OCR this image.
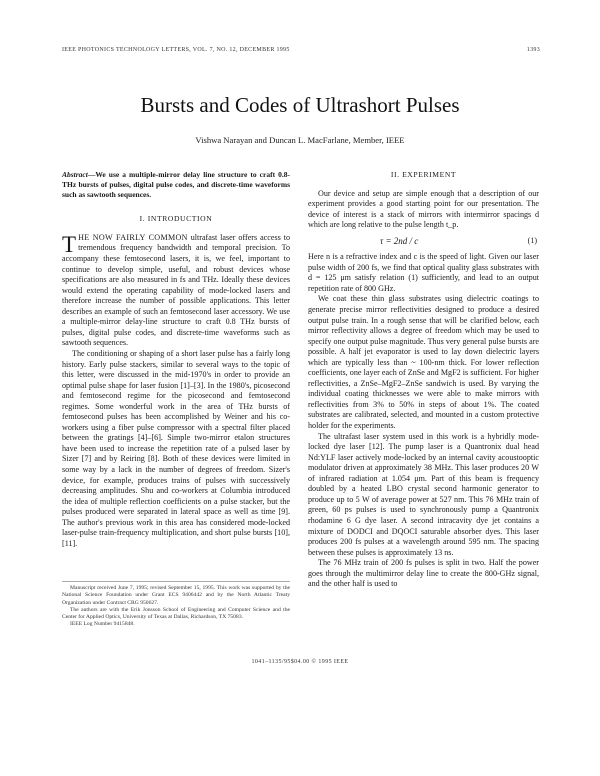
IEEE PHOTONICS TECHNOLOGY LETTERS, VOL. 7, NO. 12, DECEMBER 1995	1393
Bursts and Codes of Ultrashort Pulses
Vishwa Narayan and Duncan L. MacFarlane, Member, IEEE

Abstract—We use a multiple-mirror delay line structure to craft 0.8-THz bursts of pulses, digital pulse codes, and discrete-time waveforms such as sawtooth sequences.

I. INTRODUCTION

THE NOW FAIRLY COMMON ultrafast laser offers access to tremendous frequency bandwidth and temporal precision. To accompany these femtosecond lasers, it is, we feel, important to continue to develop simple, useful, and robust devices whose specifications are also measured in fs and THz. Ideally these devices would extend the operating capability of mode-locked lasers and therefore increase the number of possible applications. This letter describes an example of such an femtosecond laser accessory. We use a multiple-mirror delay-line structure to craft 0.8 THz bursts of pulses, digital pulse codes, and discrete-time waveforms such as sawtooth sequences.

The conditioning or shaping of a short laser pulse has a fairly long history. Early pulse stackers, similar to several ways to the topic of this letter, were discussed in the mid-1970's in order to provide an optimal pulse shape for laser fusion [1]–[3]. In the 1980's, picosecond and femtosecond regime for the picosecond and femtosecond regimes. Some wonderful work in the area of THz bursts of femtosecond pulses has been accomplished by Weiner and his co-workers using a fiber pulse compressor with a spectral filter placed between the gratings [4]–[6]. Simple two-mirror etalon structures have been used to increase the repetition rate of a pulsed laser by Sizer [7] and by Reiring [8]. Both of these devices were limited in some way by a lack in the number of degrees of freedom. Sizer's device, for example, produces trains of pulses with successively decreasing amplitudes. Shu and co-workers at Columbia introduced the idea of multiple reflection coefficients on a pulse stacker, but the pulses produced were separated in lateral space as well as time [9]. The author's previous work in this area has considered mode-locked laser-pulse train-frequency multiplication, and short pulse bursts [10], [11].

Manuscript received June 7, 1995; revised September 15, 1995. This work was supported by the National Science Foundation under Grant ECS 9406442 and by the North Atlantic Treaty Organization under Contract CRG 950627.

The authors are with the Erik Jonsson School of Engineering and Computer Science and the Center for Applied Optics, University of Texas at Dallas, Richardson, TX 75083.

IEEE Log Number 9415848.

II. EXPERIMENT

Our device and setup are simple enough that a description of our experiment provides a good starting point for our presentation. The device of interest is a stack of mirrors with intermirror spacings d which are long relative to the pulse length t_p.

τ = 2nd / c	(1)

Here n is a refractive index and c is the speed of light. Given our laser pulse width of 200 fs, we find that optical quality glass substrates with d = 125 μm satisfy relation (1) sufficiently, and lead to an output repetition rate of 800 GHz.

We coat these thin glass substrates using dielectric coatings to generate precise mirror reflectivities designed to produce a desired output pulse train. In a rough sense that will be clarified below, each mirror reflectivity allows a degree of freedom which may be used to specify one output pulse magnitude. Thus very general pulse bursts are possible. A half jet evaporator is used to lay down dielectric layers which are typically less than ~ 100-nm thick. For lower reflection coefficients, one layer each of ZnSe and MgF2 is sufficient. For higher reflectivities, a ZnSe–MgF2–ZnSe sandwich is used. By varying the individual coating thicknesses we were able to make mirrors with reflectivities from 3% to 50% in steps of about 1%. The coated substrates are calibrated, selected, and mounted in a custom protective holder for the experiments.

The ultrafast laser system used in this work is a hybridly mode-locked dye laser [12]. The pump laser is a Quantronix dual head Nd:YLF laser actively mode-locked by an internal cavity acoustooptic modulator driven at approximately 38 MHz. This laser produces 20 W of infrared radiation at 1.054 μm. Part of this beam is frequency doubled by a heated LBO crystal second harmonic generator to produce up to 5 W of average power at 527 nm. This 76 MHz train of green, 60 ps pulses is used to synchronously pump a Quantronix rhodamine 6 G dye laser. A second intracavity dye jet contains a mixture of DODCI and DQOCI saturable absorber dyes. This laser produces 200 fs pulses at a wavelength around 595 nm. The spacing between these pulses is approximately 13 ns.

The 76 MHz train of 200 fs pulses is split in two. Half the power goes through the multimirror delay line to create the 800-GHz signal, and the other half is used to

1041–1135/95$04.00 © 1995 IEEE
